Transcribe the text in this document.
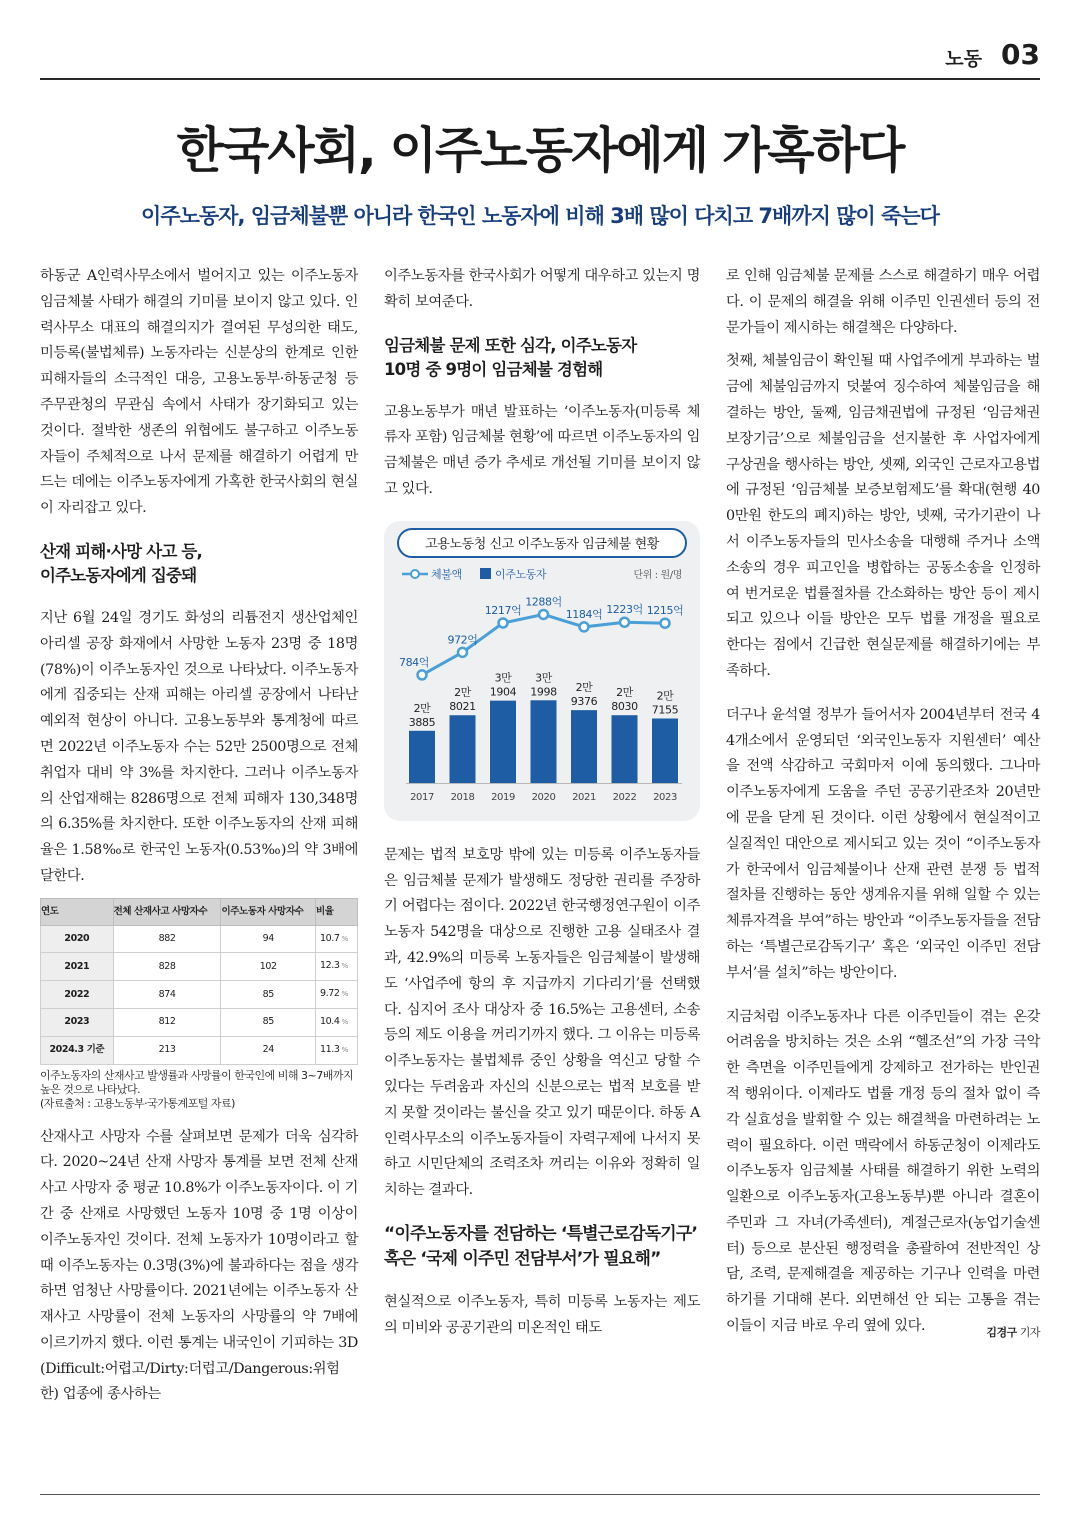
노동 03
한국사회, 이주노동자에게 가혹하다
이주노동자, 임금체불뿐 아니라 한국인 노동자에 비해 3배 많이 다치고 7배까지 많이 죽는다

하동군 A인력사무소에서 벌어지고 있는 이주노동자 임금체불 사태가 해결의 기미를 보이지 않고 있다. 인력사무소 대표의 해결의지가 결여된 무성의한 태도, 미등록(불법체류) 노동자라는 신분상의 한계로 인한 피해자들의 소극적인 대응, 고용노동부·하동군청 등 주무관청의 무관심 속에서 사태가 장기화되고 있는 것이다. 절박한 생존의 위협에도 불구하고 이주노동자들이 주체적으로 나서 문제를 해결하기 어렵게 만드는 데에는 이주노동자에게 가혹한 한국사회의 현실이 자리잡고 있다.

산재 피해·사망 사고 등,
이주노동자에게 집중돼

지난 6월 24일 경기도 화성의 리튬전지 생산업체인 아리셀 공장 화재에서 사망한 노동자 23명 중 18명(78%)이 이주노동자인 것으로 나타났다. 이주노동자에게 집중되는 산재 피해는 아리셀 공장에서 나타난 예외적 현상이 아니다. 고용노동부와 통계청에 따르면 2022년 이주노동자 수는 52만 2500명으로 전체 취업자 대비 약 3%를 차지한다. 그러나 이주노동자의 산업재해는 8286명으로 전체 피해자 130,348명의 6.35%를 차지한다. 또한 이주노동자의 산재 피해율은 1.58‰로 한국인 노동자(0.53‰)의 약 3배에 달한다.

연도	전체 산재사고 사망자수	이주노동자 사망자수	비율
2020	882	94	10.7 %
2021	828	102	12.3 %
2022	874	85	9.72 %
2023	812	85	10.4 %
2024.3 기준	213	24	11.3 %
이주노동자의 산재사고 발생률과 사망률이 한국인에 비해 3~7배까지 높은 것으로 나타났다.
(자료출처 : 고용노동부·국가통계포털 자료)

산재사고 사망자 수를 살펴보면 문제가 더욱 심각하다. 2020~24년 산재 사망자 통계를 보면 전체 산재사고 사망자 중 평균 10.8%가 이주노동자이다. 이 기간 중 산재로 사망했던 노동자 10명 중 1명 이상이 이주노동자인 것이다. 전체 노동자가 10명이라고 할 때 이주노동자는 0.3명(3%)에 불과하다는 점을 생각하면 엄청난 사망률이다. 2021년에는 이주노동자 산재사고 사망률이 전체 노동자의 사망률의 약 7배에 이르기까지 했다. 이런 통계는 내국인이 기피하는 3D(Difficult:어렵고/Dirty:더럽고/Dangerous:위험한) 업종에 종사하는

이주노동자를 한국사회가 어떻게 대우하고 있는지 명확히 보여준다.

임금체불 문제 또한 심각, 이주노동자
10명 중 9명이 임금체불 경험해

고용노동부가 매년 발표하는 ‘이주노동자(미등록 체류자 포함) 임금체불 현황’에 따르면 이주노동자의 임금체불은 매년 증가 추세로 개선될 기미를 보이지 않고 있다.

고용노동청 신고 이주노동자 임금체불 현황
체불액	이주노동자	단위 : 원/명
2만
3885
2017
2만
8021
2018
3만
1904
2019
3만
1998
2020
2만
9376
2021
2만
8030
2022
2만
7155
2023
784억
972억
1217억
1288억
1184억 1223억 1215억

문제는 법적 보호망 밖에 있는 미등록 이주노동자들은 임금체불 문제가 발생해도 정당한 권리를 주장하기 어렵다는 점이다. 2022년 한국행정연구원이 이주노동자 542명을 대상으로 진행한 고용 실태조사 결과, 42.9%의 미등록 노동자들은 임금체불이 발생해도 ‘사업주에 항의 후 지급까지 기다리기’를 선택했다. 심지어 조사 대상자 중 16.5%는 고용센터, 소송 등의 제도 이용을 꺼리기까지 했다. 그 이유는 미등록 이주노동자는 불법체류 중인 상황을 역신고 당할 수 있다는 두려움과 자신의 신분으로는 법적 보호를 받지 못할 것이라는 불신을 갖고 있기 때문이다. 하동 A인력사무소의 이주노동자들이 자력구제에 나서지 못하고 시민단체의 조력조차 꺼리는 이유와 정확히 일치하는 결과다.

“이주노동자를 전담하는 ‘특별근로감독기구’ 혹은 ‘국제 이주민 전담부서’가 필요해”

현실적으로 이주노동자, 특히 미등록 노동자는 제도의 미비와 공공기관의 미온적인 태도

로 인해 임금체불 문제를 스스로 해결하기 매우 어렵다. 이 문제의 해결을 위해 이주민 인권센터 등의 전문가들이 제시하는 해결책은 다양하다.

첫째, 체불임금이 확인될 때 사업주에게 부과하는 벌금에 체불임금까지 덧붙여 징수하여 체불임금을 해결하는 방안, 둘째, 임금채권법에 규정된 ‘임금채권 보장기금’으로 체불임금을 선지불한 후 사업자에게 구상권을 행사하는 방안, 셋째, 외국인 근로자고용법에 규정된 ‘임금체불 보증보험제도’를 확대(현행 400만원 한도의 폐지)하는 방안, 넷째, 국가기관이 나서 이주노동자들의 민사소송을 대행해 주거나 소액 소송의 경우 피고인을 병합하는 공동소송을 인정하여 번거로운 법률절차를 간소화하는 방안 등이 제시되고 있으나 이들 방안은 모두 법률 개정을 필요로 한다는 점에서 긴급한 현실문제를 해결하기에는 부족하다.

더구나 윤석열 정부가 들어서자 2004년부터 전국 44개소에서 운영되던 ‘외국인노동자 지원센터’ 예산을 전액 삭감하고 국회마저 이에 동의했다. 그나마 이주노동자에게 도움을 주던 공공기관조차 20년만에 문을 닫게 된 것이다. 이런 상황에서 현실적이고 실질적인 대안으로 제시되고 있는 것이 “이주노동자가 한국에서 임금체불이나 산재 관련 분쟁 등 법적 절차를 진행하는 동안 생계유지를 위해 일할 수 있는 체류자격을 부여”하는 방안과 “이주노동자들을 전담하는 ‘특별근로감독기구’ 혹은 ‘외국인 이주민 전담부서’를 설치”하는 방안이다.

지금처럼 이주노동자나 다른 이주민들이 겪는 온갖 어려움을 방치하는 것은 소위 “헬조선”의 가장 극악한 측면을 이주민들에게 강제하고 전가하는 반인권적 행위이다. 이제라도 법률 개정 등의 절차 없이 즉각 실효성을 발휘할 수 있는 해결책을 마련하려는 노력이 필요하다. 이런 맥락에서 하동군청이 이제라도 이주노동자 임금체불 사태를 해결하기 위한 노력의 일환으로 이주노동자(고용노동부)뿐 아니라 결혼이주민과 그 자녀(가족센터), 계절근로자(농업기술센터) 등으로 분산된 행정력을 총괄하여 전반적인 상담, 조력, 문제해결을 제공하는 기구나 인력을 마련하기를 기대해 본다. 외면해선 안 되는 고통을 겪는 이들이 지금 바로 우리 옆에 있다.	김경구 기자
